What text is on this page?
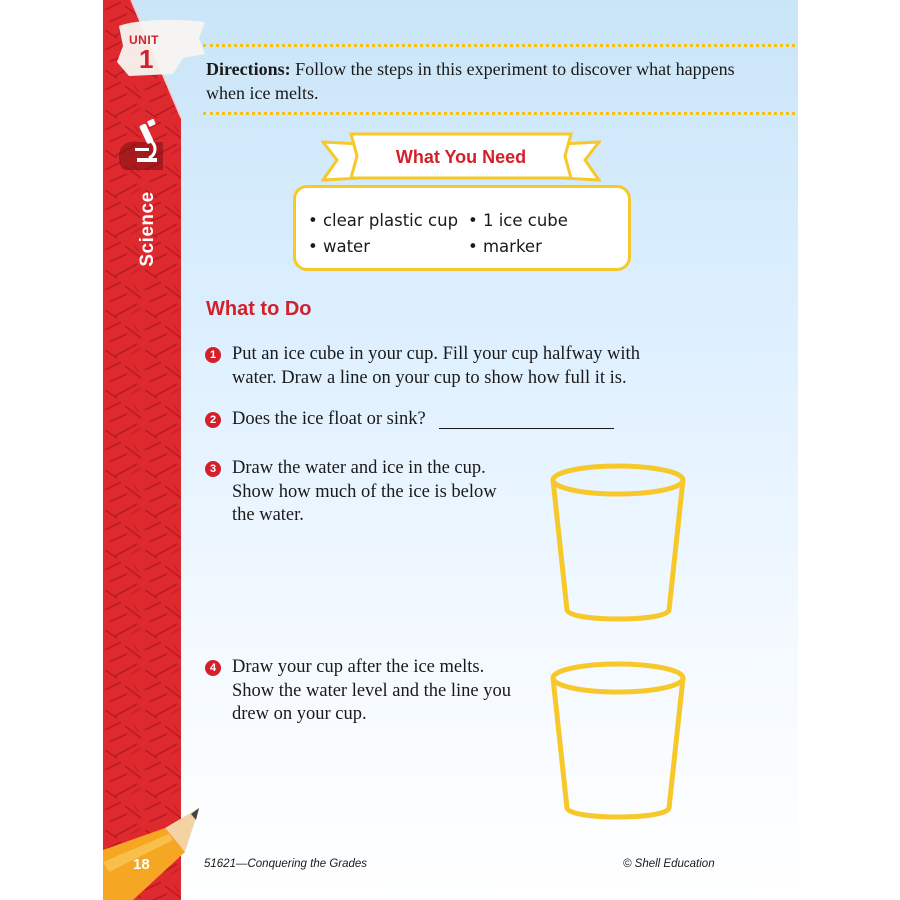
UNIT
1
Science
18
Directions: Follow the steps in this experiment to discover what happens when ice melts.
What You Need
• clear plastic cup • 1 ice cube
• water	• marker
What to Do
1 Put an ice cube in your cup. Fill your cup halfway with water. Draw a line on your cup to show how full it is.
2 Does the ice float or sink?
3 Draw the water and ice in the cup. Show how much of the ice is below the water.
4 Draw your cup after the ice melts. Show the water level and the line you drew on your cup.
51621—Conquering the Grades	© Shell Education
